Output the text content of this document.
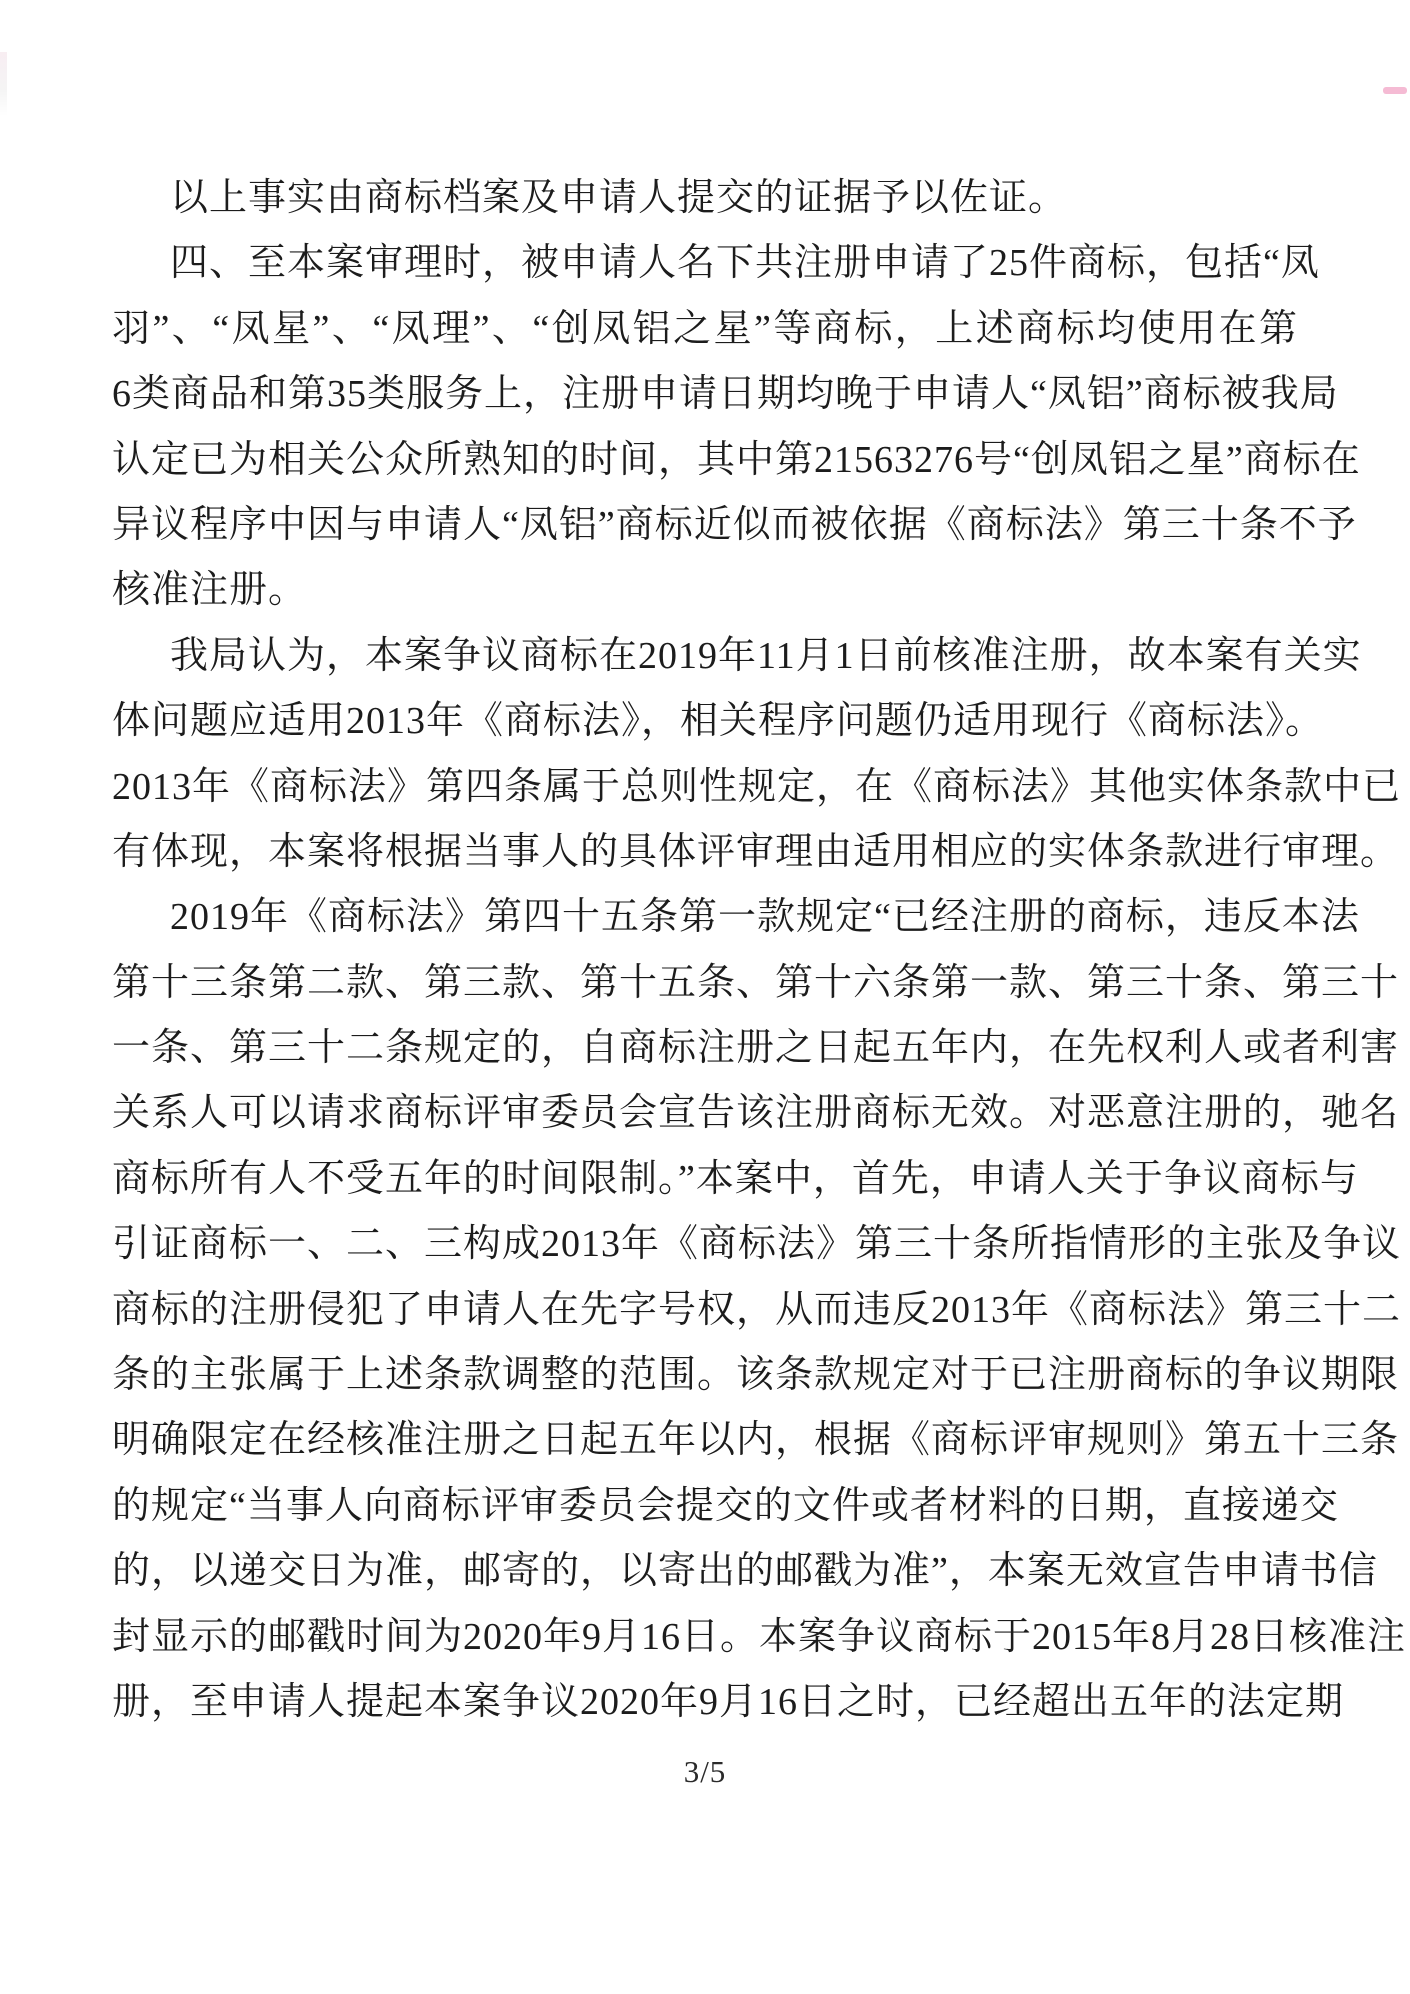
以上事实由商标档案及申请人提交的证据予以佐证。
四、至本案审理时，被申请人名下共注册申请了25件商标，包括“凤
羽”、“凤星”、“凤理”、“创凤铝之星”等商标，上述商标均使用在第
6类商品和第35类服务上，注册申请日期均晚于申请人“凤铝”商标被我局
认定已为相关公众所熟知的时间，其中第21563276号“创凤铝之星”商标在
异议程序中因与申请人“凤铝”商标近似而被依据《商标法》第三十条不予
核准注册。
我局认为，本案争议商标在2019年11月1日前核准注册，故本案有关实
体问题应适用2013年《商标法》，相关程序问题仍适用现行《商标法》。
2013年《商标法》第四条属于总则性规定，在《商标法》其他实体条款中已
有体现，本案将根据当事人的具体评审理由适用相应的实体条款进行审理。
2019年《商标法》第四十五条第一款规定“已经注册的商标，违反本法
第十三条第二款、第三款、第十五条、第十六条第一款、第三十条、第三十
一条、第三十二条规定的，自商标注册之日起五年内，在先权利人或者利害
关系人可以请求商标评审委员会宣告该注册商标无效。对恶意注册的，驰名
商标所有人不受五年的时间限制。”本案中，首先，申请人关于争议商标与
引证商标一、二、三构成2013年《商标法》第三十条所指情形的主张及争议
商标的注册侵犯了申请人在先字号权，从而违反2013年《商标法》第三十二
条的主张属于上述条款调整的范围。该条款规定对于已注册商标的争议期限
明确限定在经核准注册之日起五年以内，根据《商标评审规则》第五十三条
的规定“当事人向商标评审委员会提交的文件或者材料的日期，直接递交
的，以递交日为准，邮寄的，以寄出的邮戳为准”，本案无效宣告申请书信
封显示的邮戳时间为2020年9月16日。本案争议商标于2015年8月28日核准注
册，至申请人提起本案争议2020年9月16日之时，已经超出五年的法定期
3/5
